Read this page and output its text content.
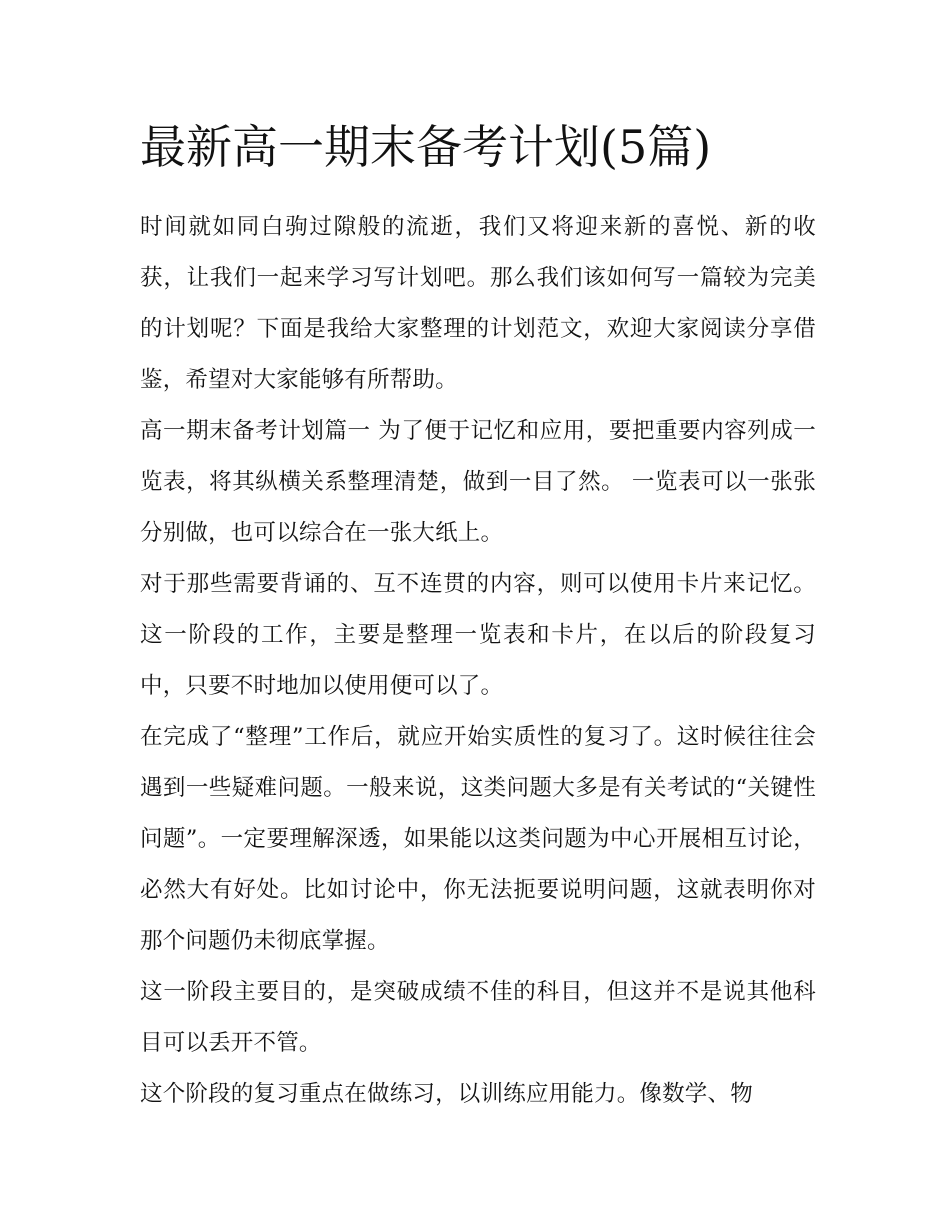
最新高一期末备考计划(5篇)

时间就如同白驹过隙般的流逝，我们又将迎来新的喜悦、新的收获，让我们一起来学习写计划吧。那么我们该如何写一篇较为完美的计划呢？下面是我给大家整理的计划范文，欢迎大家阅读分享借鉴，希望对大家能够有所帮助。

高一期末备考计划篇一 为了便于记忆和应用，要把重要内容列成一览表，将其纵横关系整理清楚，做到一目了然。 一览表可以一张张分别做，也可以综合在一张大纸上。

对于那些需要背诵的、互不连贯的内容，则可以使用卡片来记忆。 这一阶段的工作，主要是整理一览表和卡片，在以后的阶段复习中，只要不时地加以使用便可以了。

在完成了“整理”工作后，就应开始实质性的复习了。这时候往往会遇到一些疑难问题。一般来说，这类问题大多是有关考试的“关键性问题”。一定要理解深透，如果能以这类问题为中心开展相互讨论，必然大有好处。比如讨论中，你无法扼要说明问题，这就表明你对那个问题仍未彻底掌握。

这一阶段主要目的，是突破成绩不佳的科目，但这并不是说其他科目可以丢开不管。

这个阶段的复习重点在做练习，以训练应用能力。像数学、物
